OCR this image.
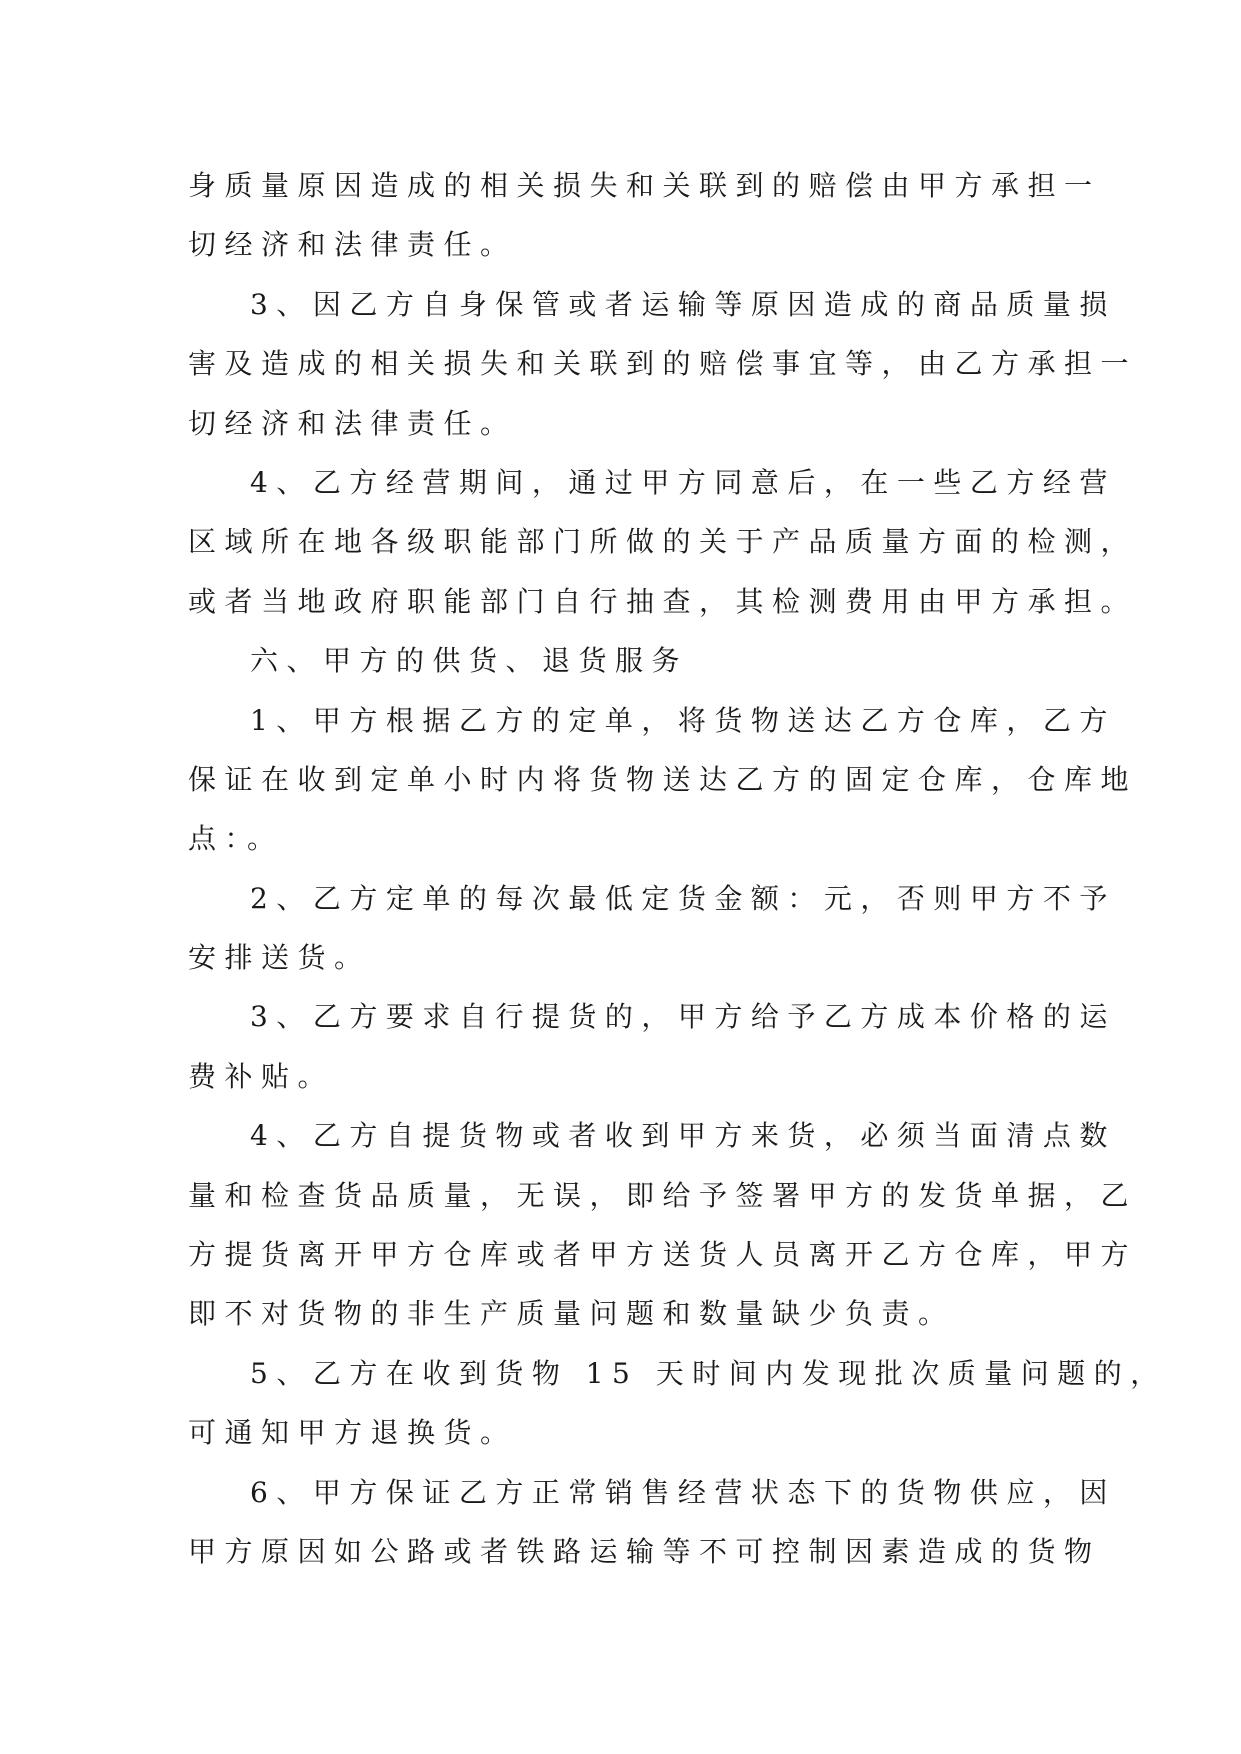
身质量原因造成的相关损失和关联到的赔偿由甲方承担一
切经济和法律责任。
3、因乙方自身保管或者运输等原因造成的商品质量损
害及造成的相关损失和关联到的赔偿事宜等，由乙方承担一
切经济和法律责任。
4、乙方经营期间，通过甲方同意后，在一些乙方经营
区域所在地各级职能部门所做的关于产品质量方面的检测，
或者当地政府职能部门自行抽查，其检测费用由甲方承担。
六、甲方的供货、退货服务
1、甲方根据乙方的定单，将货物送达乙方仓库，乙方
保证在收到定单小时内将货物送达乙方的固定仓库，仓库地
点：。
2、乙方定单的每次最低定货金额：元，否则甲方不予
安排送货。
3、乙方要求自行提货的，甲方给予乙方成本价格的运
费补贴。
4、乙方自提货物或者收到甲方来货，必须当面清点数
量和检查货品质量，无误，即给予签署甲方的发货单据，乙
方提货离开甲方仓库或者甲方送货人员离开乙方仓库，甲方
即不对货物的非生产质量问题和数量缺少负责。
5、乙方在收到货物 15 天时间内发现批次质量问题的，
可通知甲方退换货。
6、甲方保证乙方正常销售经营状态下的货物供应，因
甲方原因如公路或者铁路运输等不可控制因素造成的货物
